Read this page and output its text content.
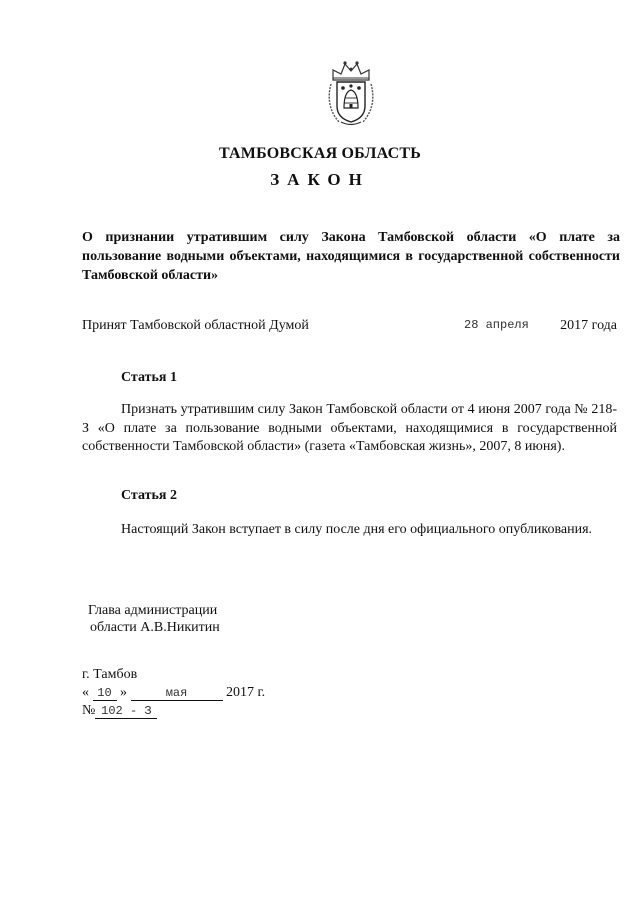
ТАМБОВСКАЯ ОБЛАСТЬ
ЗАКОН
О признании утратившим силу Закона Тамбовской области «О плате за пользование водными объектами, находящимися в государственной собственности Тамбовской области»
Принят Тамбовской областной Думой	28 апреля 2017 года
Статья 1
Признать утратившим силу Закон Тамбовской области от 4 июня 2007 года № 218-З «О плате за пользование водными объектами, находящимися в государственной собственности Тамбовской области» (газета «Тамбовская жизнь», 2007, 8 июня).
Статья 2
Настоящий Закон вступает в силу после дня его официального опубликования.
Глава администрации
области А.В.Никитин
г. Тамбов
« 10 »	мая	2017 г.
№ 102 - З
